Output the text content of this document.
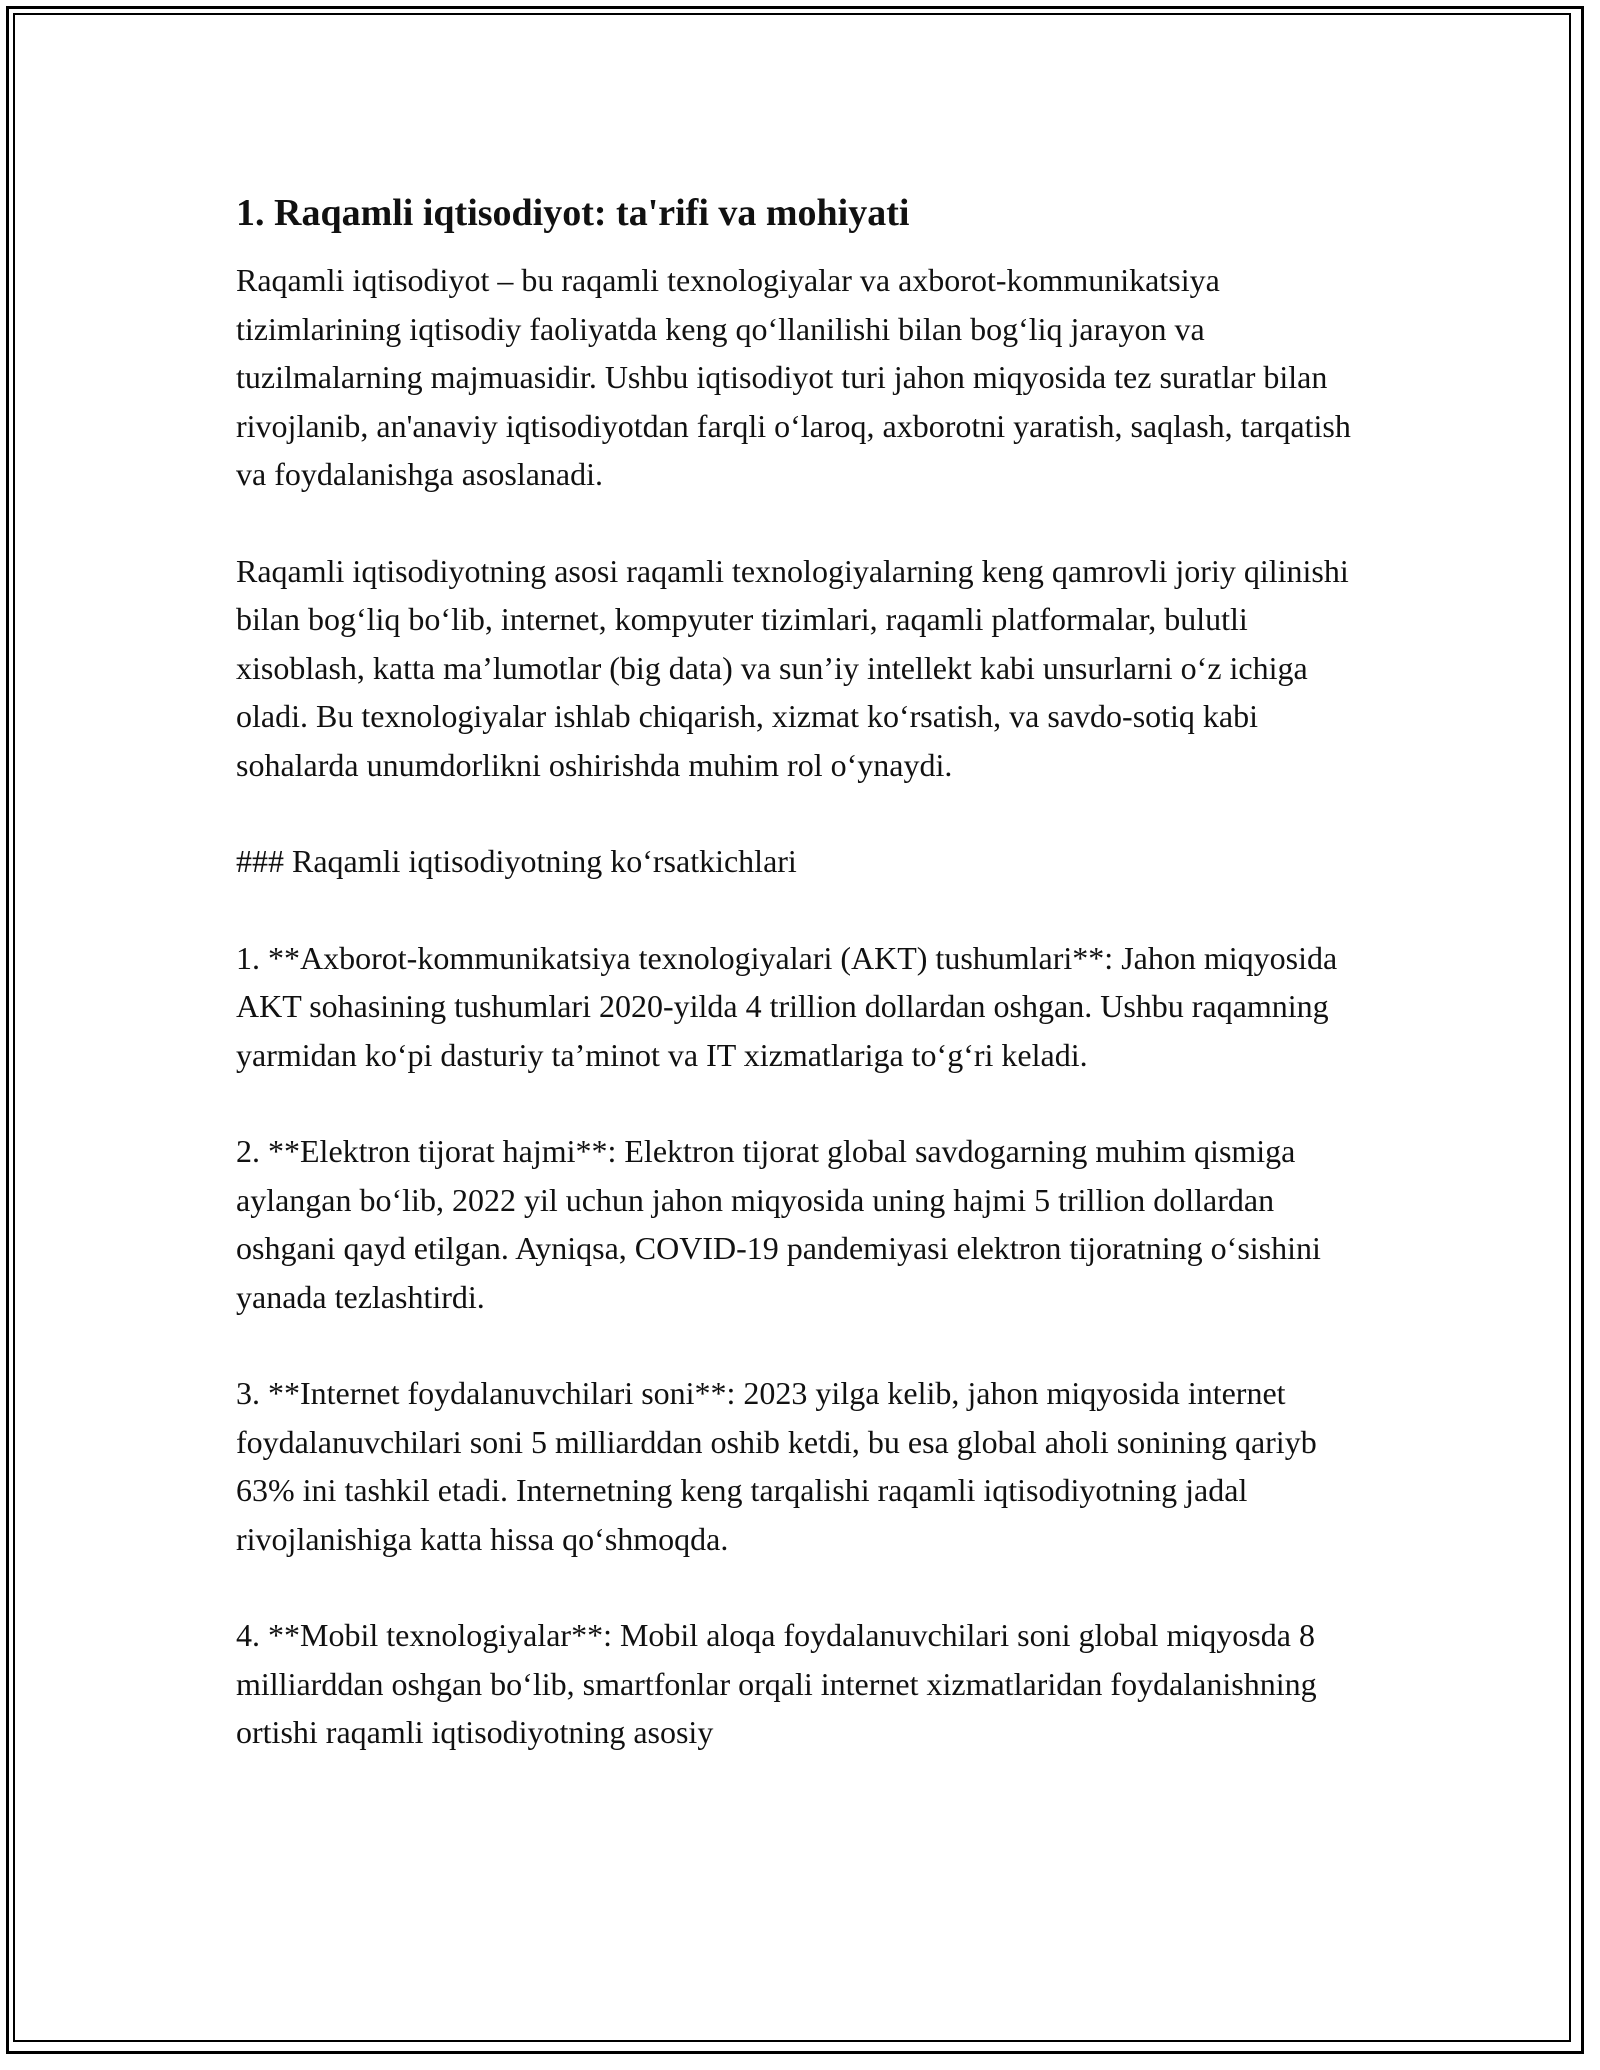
1. Raqamli iqtisodiyot: ta'rifi va mohiyati

Raqamli iqtisodiyot – bu raqamli texnologiyalar va axborot-kommunikatsiya tizimlarining iqtisodiy faoliyatda keng qo‘llanilishi bilan bog‘liq jarayon va tuzilmalarning majmuasidir. Ushbu iqtisodiyot turi jahon miqyosida tez suratlar bilan rivojlanib, an'anaviy iqtisodiyotdan farqli o‘laroq, axborotni yaratish, saqlash, tarqatish va foydalanishga asoslanadi.

Raqamli iqtisodiyotning asosi raqamli texnologiyalarning keng qamrovli joriy qilinishi bilan bog‘liq bo‘lib, internet, kompyuter tizimlari, raqamli platformalar, bulutli xisoblash, katta ma’lumotlar (big data) va sun’iy intellekt kabi unsurlarni o‘z ichiga oladi. Bu texnologiyalar ishlab chiqarish, xizmat ko‘rsatish, va savdo-sotiq kabi sohalarda unumdorlikni oshirishda muhim rol o‘ynaydi.

### Raqamli iqtisodiyotning ko‘rsatkichlari

1. **Axborot-kommunikatsiya texnologiyalari (AKT) tushumlari**: Jahon miqyosida AKT sohasining tushumlari 2020-yilda 4 trillion dollardan oshgan. Ushbu raqamning yarmidan ko‘pi dasturiy ta’minot va IT xizmatlariga to‘g‘ri keladi.

2. **Elektron tijorat hajmi**: Elektron tijorat global savdogarning muhim qismiga aylangan bo‘lib, 2022 yil uchun jahon miqyosida uning hajmi 5 trillion dollardan oshgani qayd etilgan. Ayniqsa, COVID-19 pandemiyasi elektron tijoratning o‘sishini yanada tezlashtirdi.

3. **Internet foydalanuvchilari soni**: 2023 yilga kelib, jahon miqyosida internet foydalanuvchilari soni 5 milliarddan oshib ketdi, bu esa global aholi sonining qariyb 63% ini tashkil etadi. Internetning keng tarqalishi raqamli iqtisodiyotning jadal rivojlanishiga katta hissa qo‘shmoqda.

4. **Mobil texnologiyalar**: Mobil aloqa foydalanuvchilari soni global miqyosda 8 milliarddan oshgan bo‘lib, smartfonlar orqali internet xizmatlaridan foydalanishning ortishi raqamli iqtisodiyotning asosiy
